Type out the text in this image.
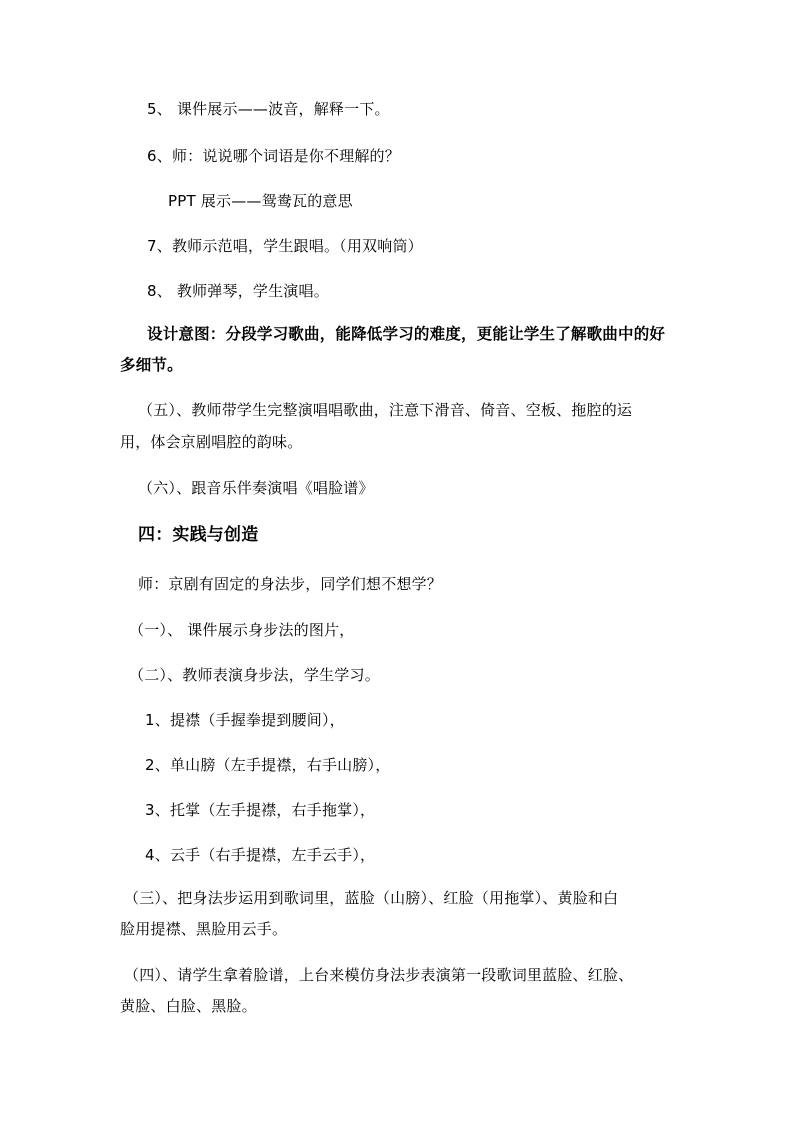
5、 课件展示——波音，解释一下。
6、师：说说哪个词语是你不理解的？
PPT 展示——鸳鸯瓦的意思
7、教师示范唱，学生跟唱。（用双响筒）
8、 教师弹琴，学生演唱。
设计意图：分段学习歌曲，能降低学习的难度，更能让学生了解歌曲中的好
多细节。
（五）、教师带学生完整演唱唱歌曲，注意下滑音、倚音、空板、拖腔的运
用，体会京剧唱腔的韵味。
（六）、跟音乐伴奏演唱《唱脸谱》
四：实践与创造
师：京剧有固定的身法步，同学们想不想学？
（一）、 课件展示身步法的图片，
（二）、教师表演身步法，学生学习。
1、提襟（手握拳提到腰间），
2、单山膀（左手提襟，右手山膀），
3、托掌（左手提襟，右手拖掌），
4、云手（右手提襟，左手云手），
（三）、把身法步运用到歌词里，蓝脸（山膀）、红脸（用拖掌）、黄脸和白
脸用提襟、黑脸用云手。
（四）、请学生拿着脸谱，上台来模仿身法步表演第一段歌词里蓝脸、红脸、
黄脸、白脸、黑脸。
